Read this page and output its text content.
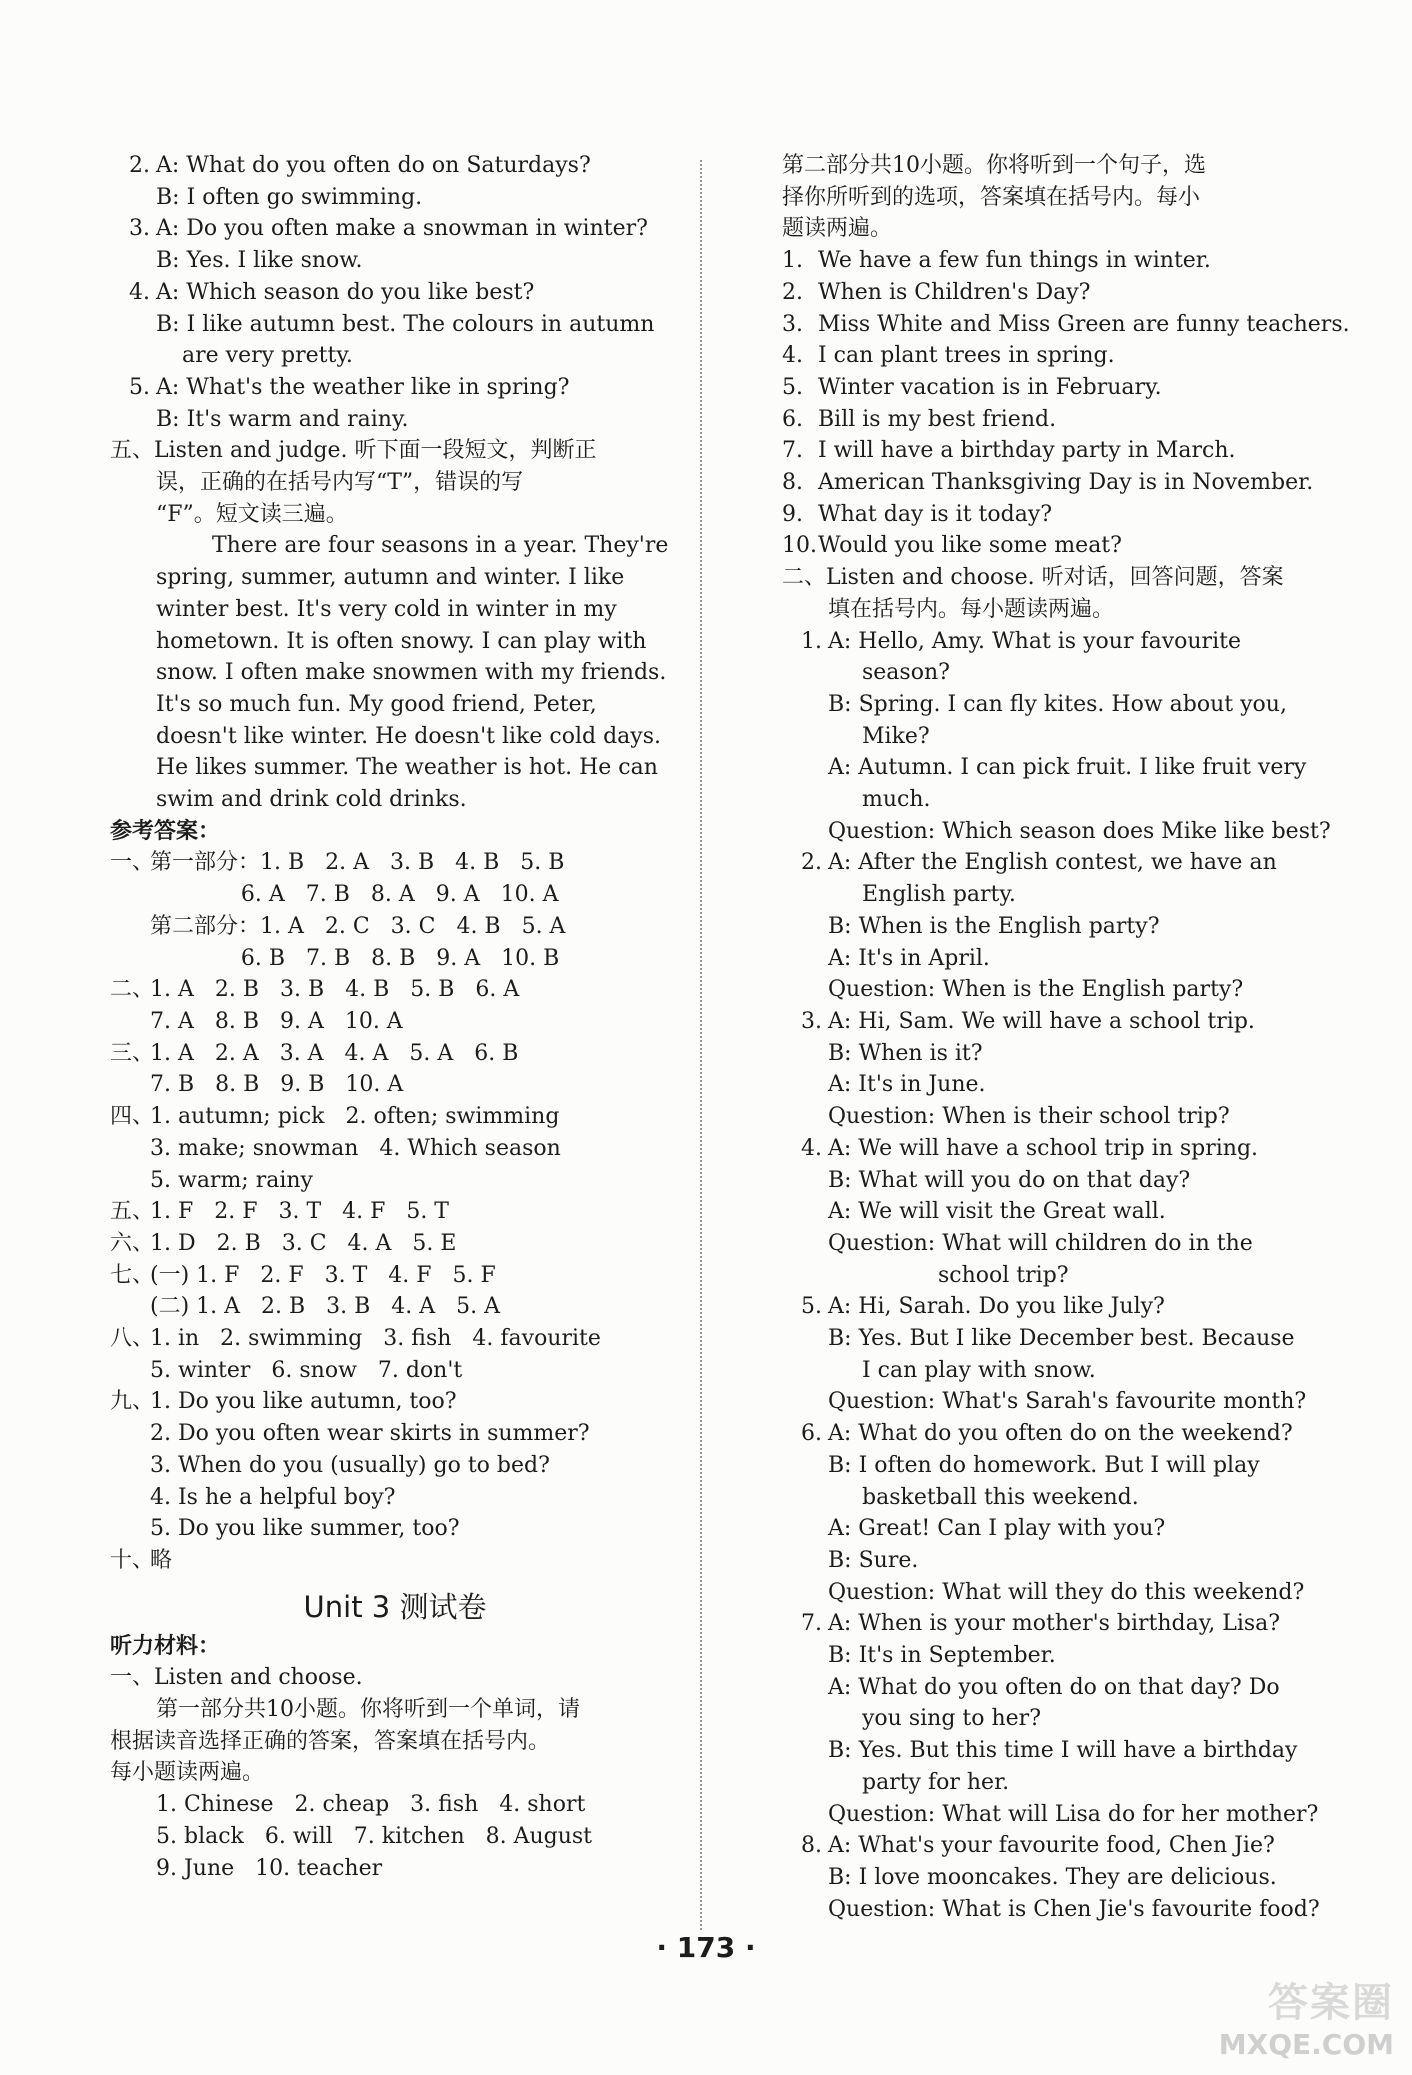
2. A: What do you often do on Saturdays?
B: I often go swimming.
3. A: Do you often make a snowman in winter?
B: Yes. I like snow.
4. A: Which season do you like best?
B: I like autumn best. The colours in autumn
are very pretty.
5. A: What's the weather like in spring?
B: It's warm and rainy.
五、Listen and judge. 听下面一段短文，判断正
误，正确的在括号内写“T”，错误的写
“F”。短文读三遍。
There are four seasons in a year. They're
spring, summer, autumn and winter. I like
winter best. It's very cold in winter in my
hometown. It is often snowy. I can play with
snow. I often make snowmen with my friends.
It's so much fun. My good friend, Peter,
doesn't like winter. He doesn't like cold days.
He likes summer. The weather is hot. He can
swim and drink cold drinks.
参考答案：
一、
第一部分：1. B   2. A   3. B   4. B   5. B
6. A   7. B   8. A   9. A   10. A
第二部分：1. A   2. C   3. C   4. B   5. A
6. B   7. B   8. B   9. A   10. B
二、
1. A   2. B   3. B   4. B   5. B   6. A
7. A   8. B   9. A   10. A
三、
1. A   2. A   3. A   4. A   5. A   6. B
7. B   8. B   9. B   10. A
四、
1. autumn; pick   2. often; swimming
3. make; snowman   4. Which season
5. warm; rainy
五、
1. F   2. F   3. T   4. F   5. T
六、
1. D   2. B   3. C   4. A   5. E
七、
(一) 1. F   2. F   3. T   4. F   5. F
(二) 1. A   2. B   3. B   4. A   5. A
八、
1. in   2. swimming   3. fish   4. favourite
5. winter   6. snow   7. don't
九、
1. Do you like autumn, too?
2. Do you often wear skirts in summer?
3. When do you (usually) go to bed?
4. Is he a helpful boy?
5. Do you like summer, too?
十、
略
Unit 3 测试卷
听力材料：
一、Listen and choose.
第一部分共10小题。你将听到一个单词，请
根据读音选择正确的答案，答案填在括号内。
每小题读两遍。
1. Chinese   2. cheap   3. fish   4. short
5. black   6. will   7. kitchen   8. August
9. June   10. teacher
第二部分共10小题。你将听到一个句子，选
择你所听到的选项，答案填在括号内。每小
题读两遍。
1. We have a few fun things in winter.
2. When is Children's Day?
3. Miss White and Miss Green are funny teachers.
4. I can plant trees in spring.
5. Winter vacation is in February.
6. Bill is my best friend.
7. I will have a birthday party in March.
8. American Thanksgiving Day is in November.
9. What day is it today?
10. Would you like some meat?
二、Listen and choose. 听对话，回答问题，答案
填在括号内。每小题读两遍。
1. A: Hello, Amy. What is your favourite
season?
B: Spring. I can fly kites. How about you,
Mike?
A: Autumn. I can pick fruit. I like fruit very
much.
Question: Which season does Mike like best?
2. A: After the English contest, we have an
English party.
B: When is the English party?
A: It's in April.
Question: When is the English party?
3. A: Hi, Sam. We will have a school trip.
B: When is it?
A: It's in June.
Question: When is their school trip?
4. A: We will have a school trip in spring.
B: What will you do on that day?
A: We will visit the Great wall.
Question: What will children do in the
school trip?
5. A: Hi, Sarah. Do you like July?
B: Yes. But I like December best. Because
I can play with snow.
Question: What's Sarah's favourite month?
6. A: What do you often do on the weekend?
B: I often do homework. But I will play
basketball this weekend.
A: Great! Can I play with you?
B: Sure.
Question: What will they do this weekend?
7. A: When is your mother's birthday, Lisa?
B: It's in September.
A: What do you often do on that day? Do
you sing to her?
B: Yes. But this time I will have a birthday
party for her.
Question: What will Lisa do for her mother?
8. A: What's your favourite food, Chen Jie?
B: I love mooncakes. They are delicious.
Question: What is Chen Jie's favourite food?
· 173 ·
答案圈
MXQE.COM
